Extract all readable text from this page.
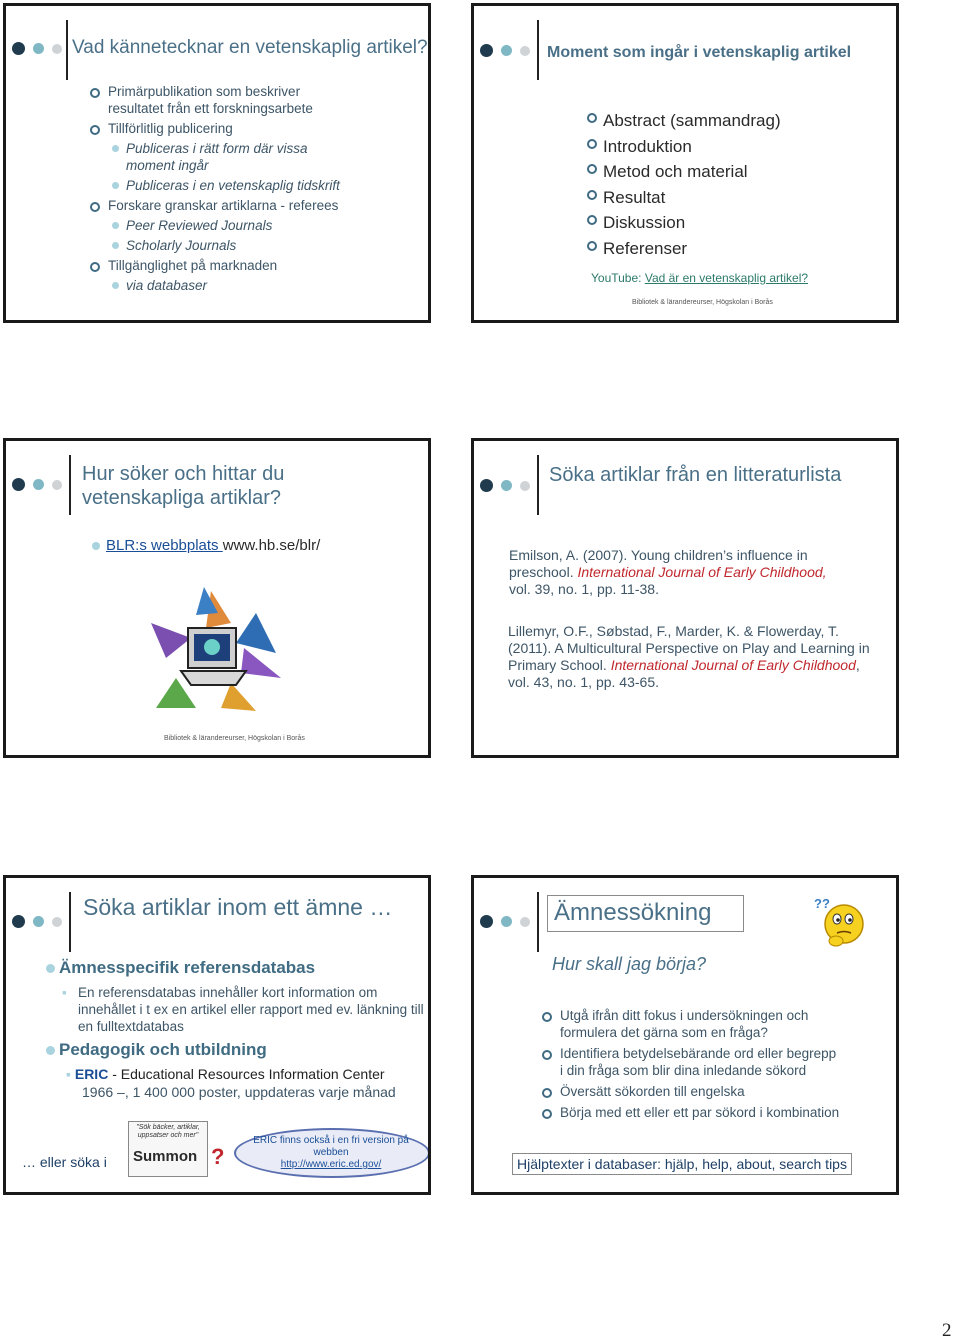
Vad kännetecknar en vetenskaplig artikel?
Primärpublikation som beskriver resultatet från ett forskningsarbete
Tillförlitlig publicering
Publiceras i rätt form där vissa moment ingår
Publiceras i en vetenskaplig tidskrift
Forskare granskar artiklarna - referees
Peer Reviewed Journals
Scholarly Journals
Tillgänglighet på marknaden
via databaser
Moment som ingår i vetenskaplig artikel
Abstract (sammandrag)
Introduktion
Metod och material
Resultat
Diskussion
Referenser
YouTube: Vad är en vetenskaplig artikel?
Bibliotek & lärandereurser, Högskolan i Borås
Hur söker och hittar du vetenskapliga artiklar?
BLR:s webbplats www.hb.se/blr/
Bibliotek & lärandereurser, Högskolan i Borås
Söka artiklar från en litteraturlista
Emilson, A. (2007). Young children’s influence in preschool. International Journal of Early Childhood, vol. 39, no. 1, pp. 11-38.
Lillemyr, O.F., Søbstad, F., Marder, K. & Flowerday, T. (2011). A Multicultural Perspective on Play and Learning in Primary School. International Journal of Early Childhood, vol. 43, no. 1, pp. 43-65.
Söka artiklar inom ett ämne …
Ämnesspecifik referensdatabas
▪ En referensdatabas innehåller kort information om innehållet i t ex en artikel eller rapport med ev. länkning till en fulltextdatabas
Pedagogik och utbildning
▪ ERIC - Educational Resources Information Center
1966 –, 1 400 000 poster, uppdateras varje månad
… eller söka i
"Sök bäcker, artiklar, uppsatser och mer"
Summon ?
ERIC finns också i en fri version på webben
http://www.eric.ed.gov/
Ämnessökning	??
Hur skall jag börja?
Utgå ifrån ditt fokus i undersökningen och formulera det gärna som en fråga?
Identifiera betydelsebärande ord eller begrepp i din fråga som blir dina inledande sökord
Översätt sökorden till engelska
Börja med ett eller ett par sökord i kombination
Hjälptexter i databaser: hjälp, help, about, search tips
2
